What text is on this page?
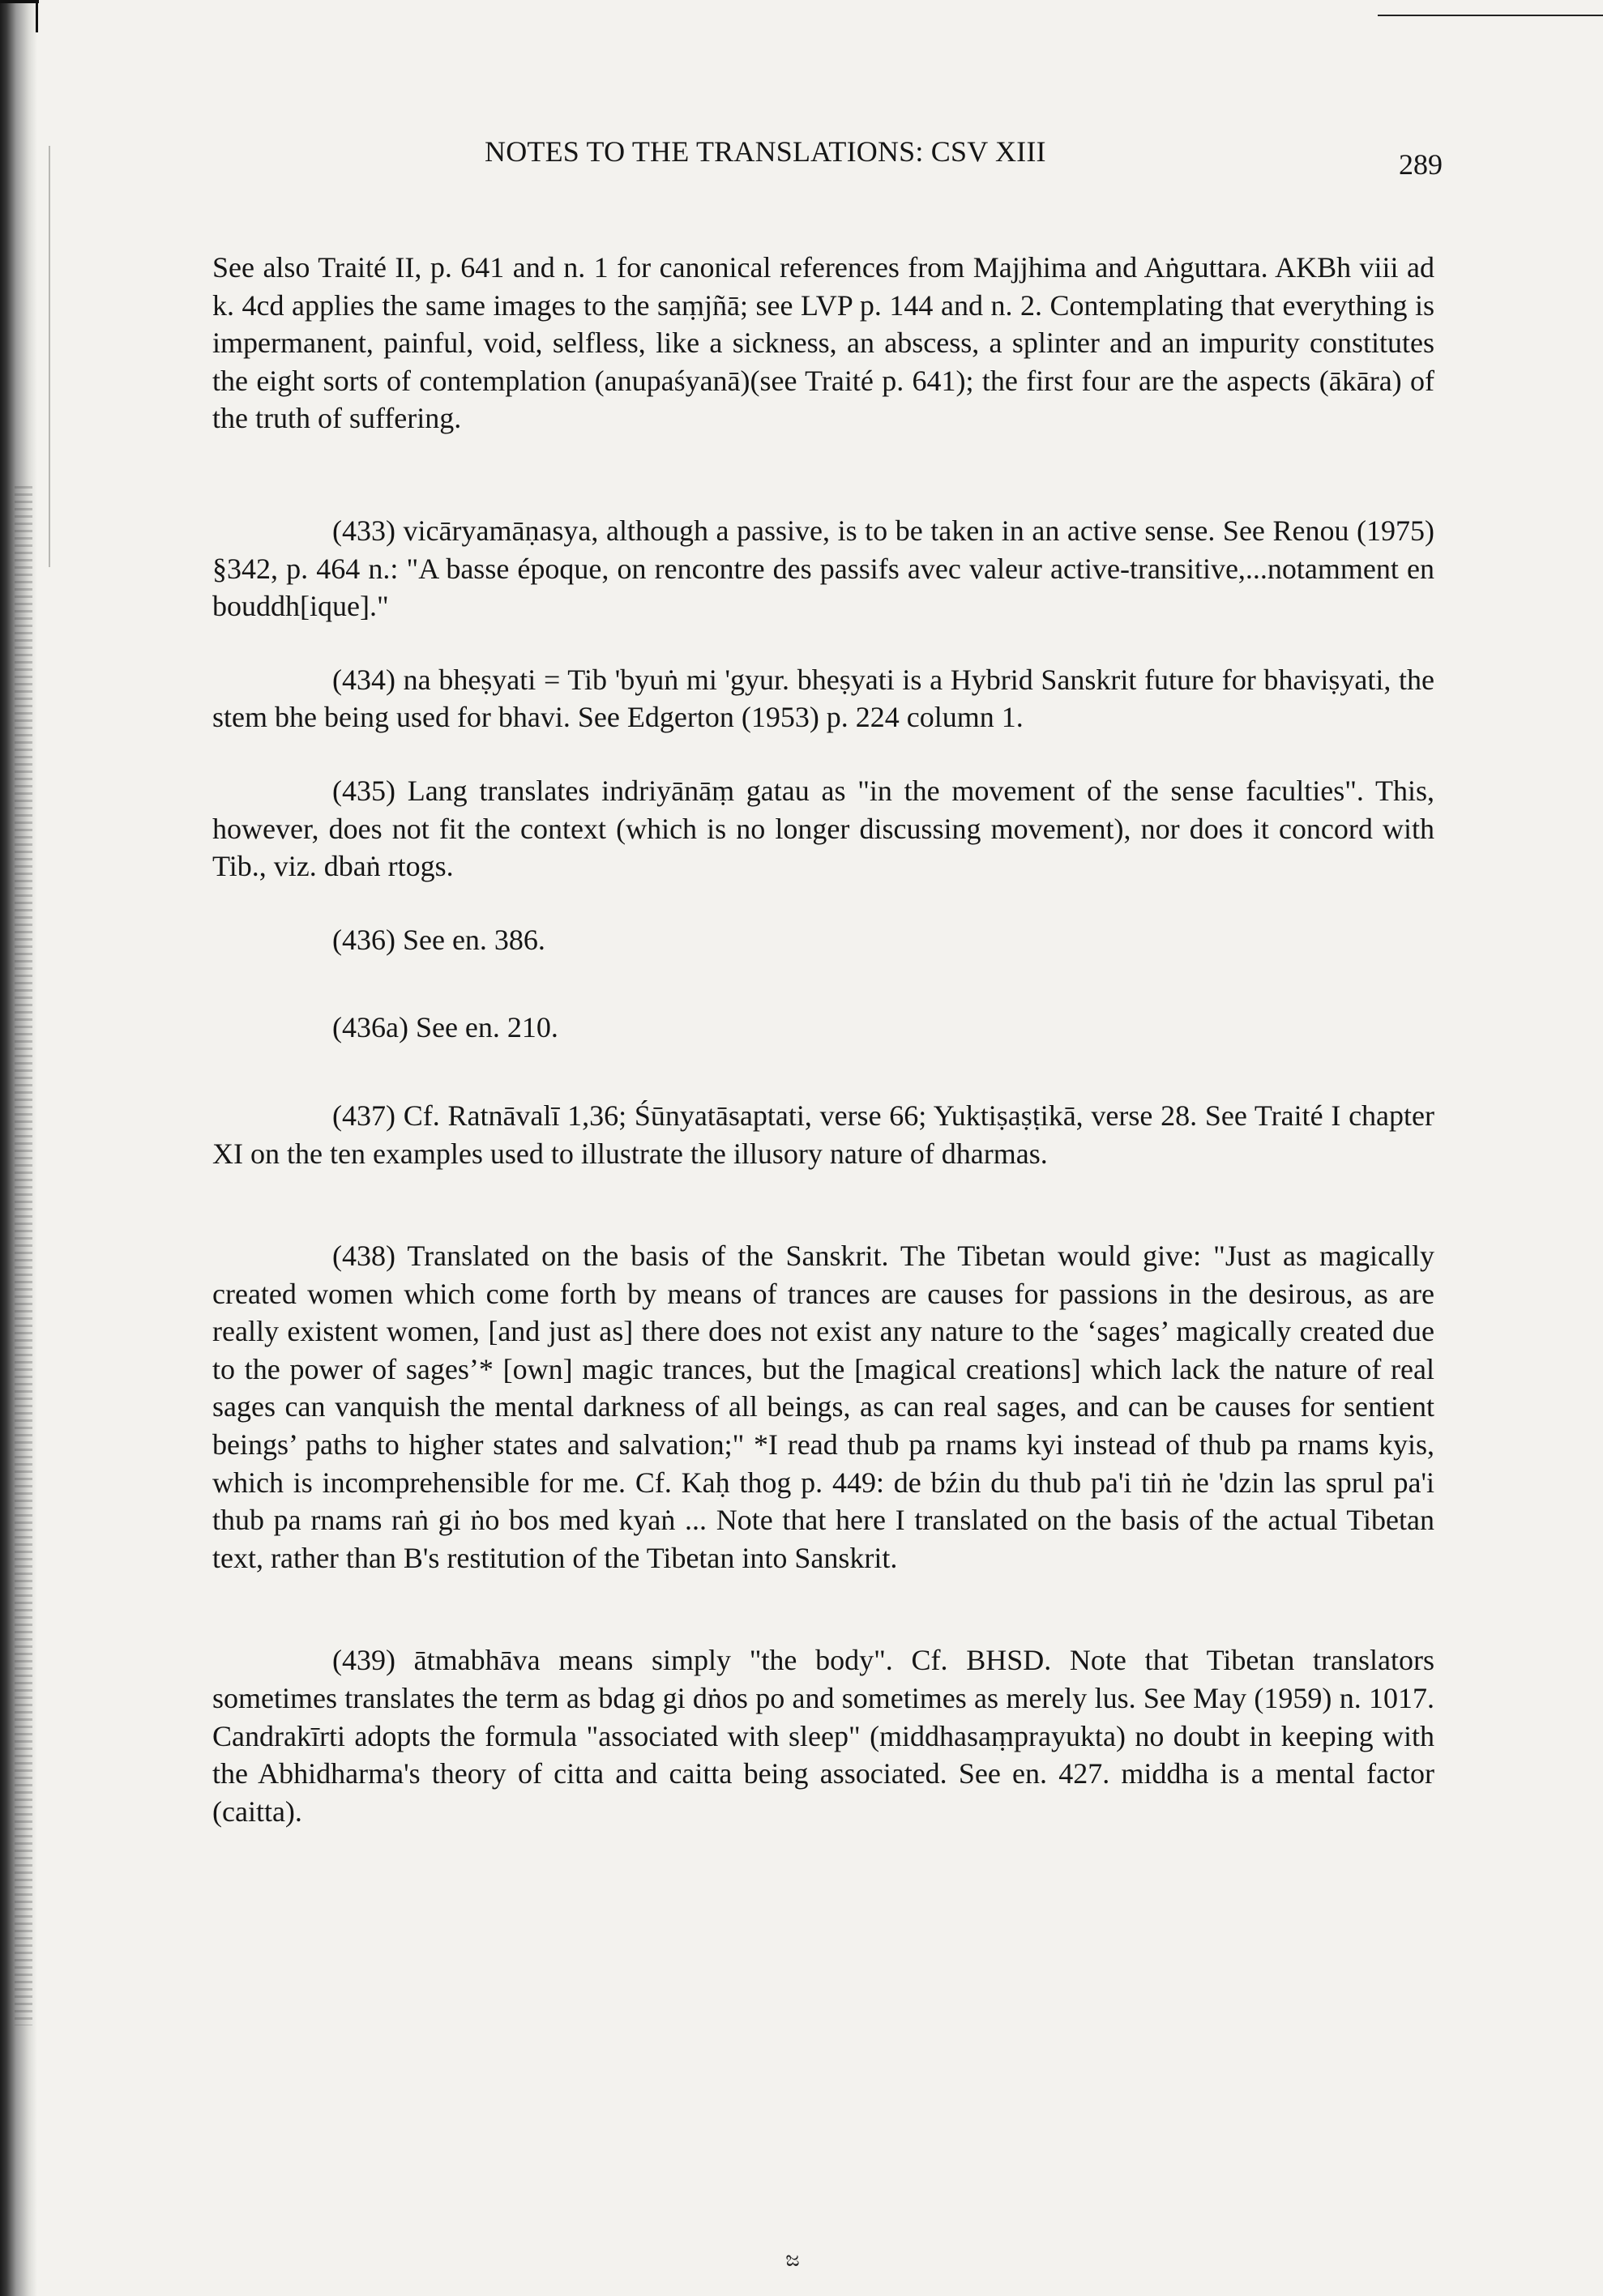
NOTES TO THE TRANSLATIONS: CSV XIII	289

See also Traité II, p. 641 and n. 1 for canonical references from Majjhima and Aṅguttara. AKBh viii ad k. 4cd applies the same images to the saṃjñā; see LVP p. 144 and n. 2. Contemplating that everything is impermanent, painful, void, selfless, like a sickness, an abscess, a splinter and an impurity constitutes the eight sorts of contemplation (anupaśyanā)(see Traité p. 641); the first four are the aspects (ākāra) of the truth of suffering.

(433) vicāryamāṇasya, although a passive, is to be taken in an active sense. See Renou (1975) §342, p. 464 n.: "A basse époque, on rencontre des passifs avec valeur active-transitive,...notamment en bouddh[ique]."

(434) na bheṣyati = Tib 'byuṅ mi 'gyur. bheṣyati is a Hybrid Sanskrit future for bhaviṣyati, the stem bhe being used for bhavi. See Edgerton (1953) p. 224 column 1.

(435) Lang translates indriyānāṃ gatau as "in the movement of the sense faculties". This, however, does not fit the context (which is no longer discussing movement), nor does it concord with Tib., viz. dbaṅ rtogs.

(436) See en. 386.

(436a) See en. 210.

(437) Cf. Ratnāvalī 1,36; Śūnyatāsaptati, verse 66; Yuktiṣaṣṭikā, verse 28. See Traité I chapter XI on the ten examples used to illustrate the illusory nature of dharmas.

(438) Translated on the basis of the Sanskrit. The Tibetan would give: "Just as magically created women which come forth by means of trances are causes for passions in the desirous, as are really existent women, [and just as] there does not exist any nature to the ‘sages’ magically created due to the power of sages’* [own] magic trances, but the [magical creations] which lack the nature of real sages can vanquish the mental darkness of all beings, as can real sages, and can be causes for sentient beings’ paths to higher states and salvation;" *I read thub pa rnams kyi instead of thub pa rnams kyis, which is incomprehensible for me. Cf. Kaḥ thog p. 449: de bźin du thub pa'i tiṅ ṅe 'dzin las sprul pa'i thub pa rnams raṅ gi ṅo bos med kyaṅ ... Note that here I translated on the basis of the actual Tibetan text, rather than B's restitution of the Tibetan into Sanskrit.

(439) ātmabhāva means simply "the body". Cf. BHSD. Note that Tibetan translators sometimes translates the term as bdag gi dṅos po and sometimes as merely lus. See May (1959) n. 1017. Candrakīrti adopts the formula "associated with sleep" (middhasaṃprayukta) no doubt in keeping with the Abhidharma's theory of citta and caitta being associated. See en. 427. middha is a mental factor (caitta).

ಜ
